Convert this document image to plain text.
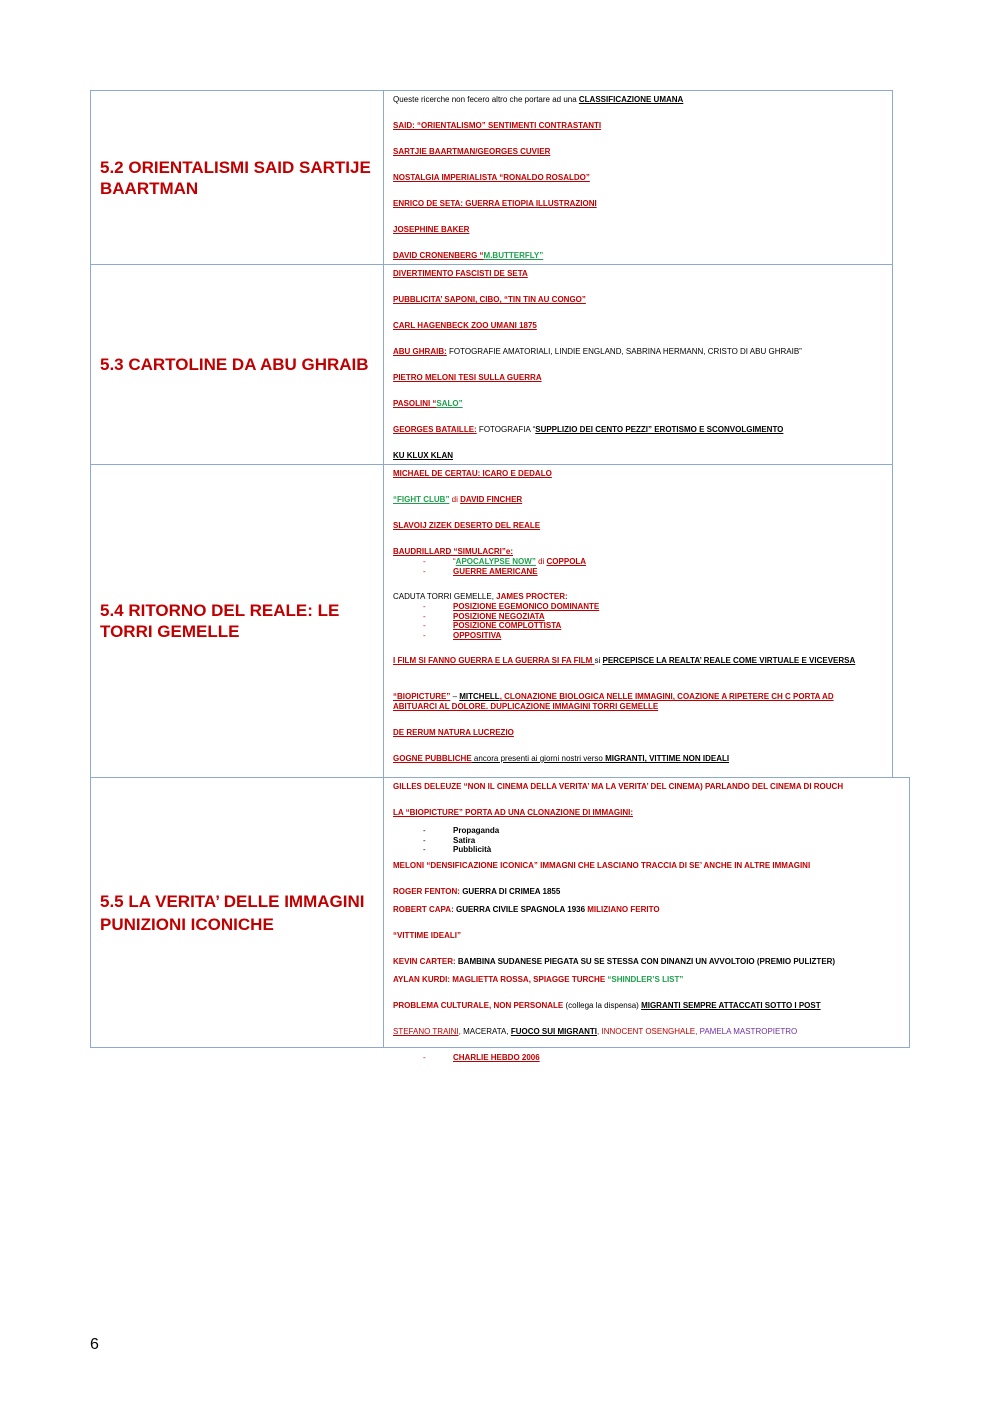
5.2 ORIENTALISMI SAID SARTIJE
BAARTMAN

Queste ricerche non fecero altro che portare ad una CLASSIFICAZIONE UMANA

SAID: “ORIENTALISMO” SENTIMENTI CONTRASTANTI

SARTJIE BAARTMAN/GEORGES CUVIER

NOSTALGIA IMPERIALISTA “RONALDO ROSALDO”

ENRICO DE SETA: GUERRA ETIOPIA ILLUSTRAZIONI

JOSEPHINE BAKER

DAVID CRONENBERG “M.BUTTERFLY”

5.3 CARTOLINE DA ABU GHRAIB

DIVERTIMENTO FASCISTI DE SETA

PUBBLICITA’ SAPONI, CIBO, “TIN TIN AU CONGO”

CARL HAGENBECK ZOO UMANI 1875

ABU GHRAIB: FOTOGRAFIE AMATORIALI, LINDIE ENGLAND, SABRINA HERMANN, CRISTO DI ABU GHRAIB”

PIETRO MELONI TESI SULLA GUERRA

PASOLINI “SALO”

GEORGES BATAILLE: FOTOGRAFIA “SUPPLIZIO DEI CENTO PEZZI” EROTISMO E SCONVOLGIMENTO

KU KLUX KLAN

5.4 RITORNO DEL REALE: LE
TORRI GEMELLE

MICHAEL DE CERTAU: ICARO E DEDALO

“FIGHT CLUB” di DAVID FINCHER

SLAVOIJ ZIZEK DESERTO DEL REALE

BAUDRILLARD “SIMULACRI”e:

-	“APOCALYPSE NOW” di COPPOLA
-	GUERRE AMERICANE

CADUTA TORRI GEMELLE, JAMES PROCTER:

-	POSIZIONE EGEMONICO DOMINANTE
-	POSIZIONE NEGOZIATA
-	POSIZIONE COMPLOTTISTA
-	OPPOSITIVA

I FILM SI FANNO GUERRA E LA GUERRA SI FA FILM si PERCEPISCE LA REALTA’ REALE COME VIRTUALE E VICEVERSA

“BIOPICTURE” – MITCHELL, CLONAZIONE BIOLOGICA NELLE IMMAGINI, COAZIONE A RIPETERE CH C PORTA AD ABITUARCI AL DOLORE. DUPLICAZIONE IMMAGINI TORRI GEMELLE

DE RERUM NATURA LUCREZIO

GOGNE PUBBLICHE ancora presenti ai giorni nostri verso MIGRANTI, VITTIME NON IDEALI

5.5 LA VERITA’ DELLE IMMAGINI
PUNIZIONI ICONICHE

GILLES DELEUZE “NON IL CINEMA DELLA VERITA’ MA LA VERITA’ DEL CINEMA) PARLANDO DEL CINEMA DI ROUCH

LA “BIOPICTURE” PORTA AD UNA CLONAZIONE DI IMMAGINI:

-	Propaganda
-	Satira
-	Pubblicità

MELONI “DENSIFICAZIONE ICONICA” IMMAGNI CHE LASCIANO TRACCIA DI SE’ ANCHE IN ALTRE IMMAGINI

ROGER FENTON: GUERRA DI CRIMEA 1855

ROBERT CAPA: GUERRA CIVILE SPAGNOLA 1936 MILIZIANO FERITO

“VITTIME IDEALI”

KEVIN CARTER: BAMBINA SUDANESE PIEGATA SU SE STESSA CON DINANZI UN AVVOLTOIO (PREMIO PULIZTER)

AYLAN KURDI: MAGLIETTA ROSSA, SPIAGGE TURCHE “SHINDLER’S LIST”

PROBLEMA CULTURALE, NON PERSONALE (collega la dispensa) MIGRANTI SEMPRE ATTACCATI SOTTO I POST

STEFANO TRAINI, MACERATA, FUOCO SUI MIGRANTI, INNOCENT OSENGHALE, PAMELA MASTROPIETRO

-	CHARLIE HEBDO 2006
6
